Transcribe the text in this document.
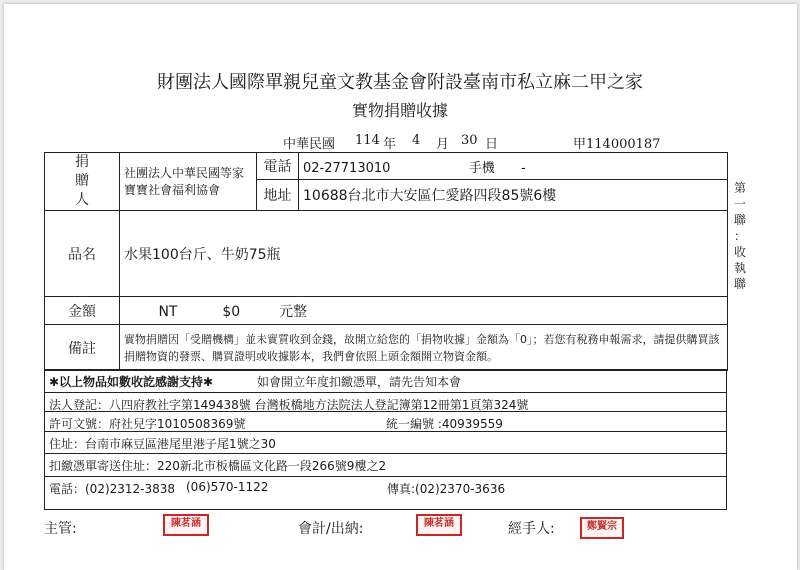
財團法人國際單親兒童文教基金會附設臺南市私立麻二甲之家
實物捐贈收據
中華民國 114 年 4 月 30 日	甲114000187
捐
贈
人	社團法人中華民國等家寶寶社會福利協會	電話	02-27713010 手機 -
		地址	10688台北市大安區仁愛路四段85號6樓
品名	水果100台斤、牛奶75瓶		
金額	NT $0 元整		
備註	實物捐贈因「受贈機構」並未實質收到金錢，故開立給您的「捐物收據」金額為「0」；若您有稅務申報需求，請提供購買該捐贈物資的發票、購買證明或收據影本，我們會依照上頭金額開立物資金額。		
✱以上物品如數收訖感謝支持✱	如會開立年度扣繳憑單，請先告知本會
法人登記：八四府教社字第149438號 台灣板橋地方法院法人登記簿第12冊第1頁第324號
許可文號：府社兒字1010508369號	統一編號 :40939559
住址：台南市麻豆區港尾里港子尾1號之30
扣繳憑單寄送住址：220新北市板橋區文化路一段266號9樓之2
電話：(02)2312-3838 (06)570-1122	傳真:(02)2370-3636
第
一
聯
：
收
執
聯
主管:	陳茗涵	會計/出納:	陳茗涵	經手人:	鄭賢宗
